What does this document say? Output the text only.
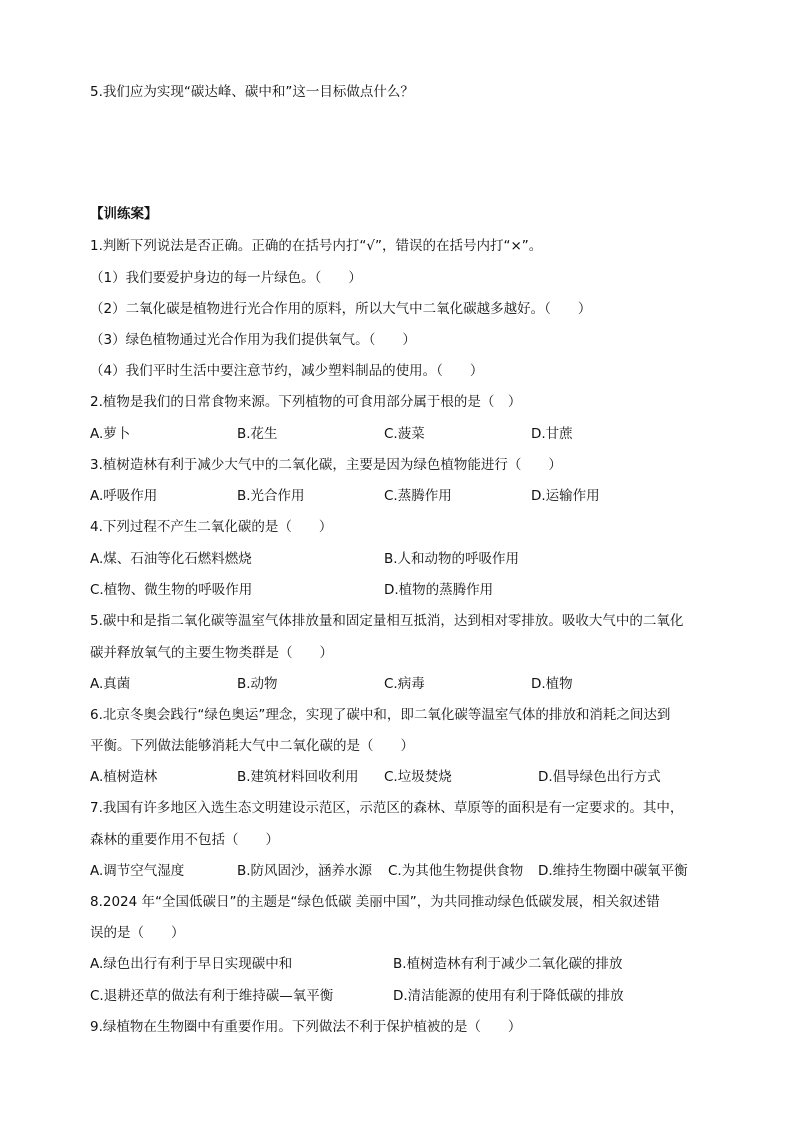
5.我们应为实现“碳达峰、碳中和”这一目标做点什么？
【训练案】
1.判断下列说法是否正确。正确的在括号内打“√”，错误的在括号内打“×”。
（1）我们要爱护身边的每一片绿色。（　　）
（2）二氧化碳是植物进行光合作用的原料，所以大气中二氧化碳越多越好。（　　）
（3）绿色植物通过光合作用为我们提供氧气。（　　）
（4）我们平时生活中要注意节约，减少塑料制品的使用。（　　）
2.植物是我们的日常食物来源。下列植物的可食用部分属于根的是（　）
A.萝卜	B.花生	C.菠菜	D.甘蔗
3.植树造林有利于减少大气中的二氧化碳，主要是因为绿色植物能进行（　　）
A.呼吸作用	B.光合作用	C.蒸腾作用	D.运输作用
4.下列过程不产生二氧化碳的是（　　）
A.煤、石油等化石燃料燃烧	B.人和动物的呼吸作用
C.植物、微生物的呼吸作用	D.植物的蒸腾作用
5.碳中和是指二氧化碳等温室气体排放量和固定量相互抵消，达到相对零排放。吸收大气中的二氧化
碳并释放氧气的主要生物类群是（　　）
A.真菌	B.动物	C.病毒	D.植物
6.北京冬奥会践行“绿色奥运”理念，实现了碳中和，即二氧化碳等温室气体的排放和消耗之间达到
平衡。下列做法能够消耗大气中二氧化碳的是（　　）
A.植树造林	B.建筑材料回收利用 C.垃圾焚烧	D.倡导绿色出行方式
7.我国有许多地区入选生态文明建设示范区，示范区的森林、草原等的面积是有一定要求的。其中，
森林的重要作用不包括（　　）
A.调节空气湿度	B.防风固沙，涵养水源 C.为其他生物提供食物 D.维持生物圈中碳氧平衡
8.2024 年“全国低碳日”的主题是“绿色低碳 美丽中国”，为共同推动绿色低碳发展，相关叙述错
误的是（　　）
A.绿色出行有利于早日实现碳中和	B.植树造林有利于减少二氧化碳的排放
C.退耕还草的做法有利于维持碳—氧平衡	D.清洁能源的使用有利于降低碳的排放
9.绿植物在生物圈中有重要作用。下列做法不利于保护植被的是（　　）
